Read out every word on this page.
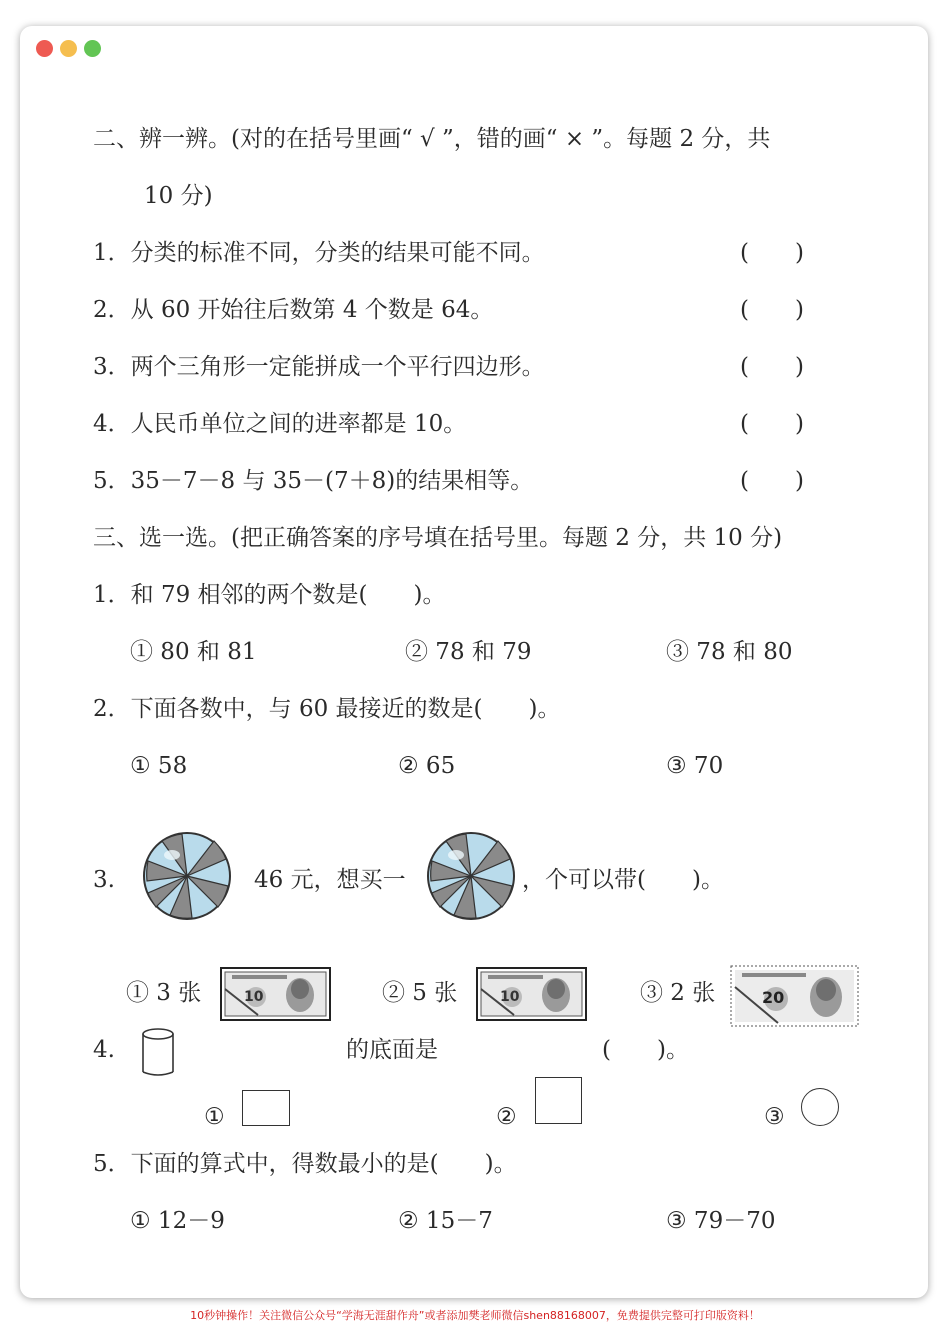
二、辨一辨。(对的在括号里画“ √ ”，错的画“ × ”。每题 2 分，共
10 分)
1．分类的标准不同，分类的结果可能不同。	(　　)
2．从 60 开始往后数第 4 个数是 64。	(　　)
3．两个三角形一定能拼成一个平行四边形。	(　　)
4．人民币单位之间的进率都是 10。	(　　)
5．35－7－8 与 35－(7＋8)的结果相等。	(　　)
三、选一选。(把正确答案的序号填在括号里。每题 2 分，共 10 分)
1．和 79 相邻的两个数是(　　)。
① 80 和 81	② 78 和 79	③ 78 和 80
2．下面各数中，与 60 最接近的数是(　　)。
① 58	② 65	③ 70
3.	46 元，想买一	，个可以带(　　)。
① 3 张	10	② 5 张	10	③ 2 张	20
4.	的底面是	(　　)。
①	②	③
5．下面的算式中，得数最小的是(　　)。
① 12－9	② 15－7	③ 79－70
10秒钟操作！关注微信公众号“学海无涯甜作舟”或者添加樊老师微信shen88168007，免费提供完整可打印版资料！
